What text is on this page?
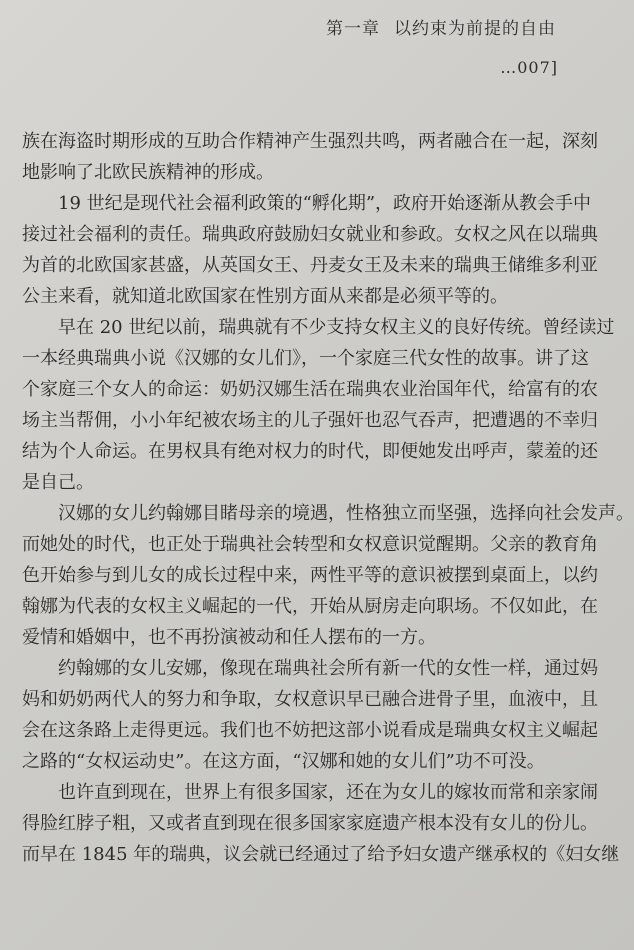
第一章 以约束为前提的自由
…007]
族在海盗时期形成的互助合作精神产生强烈共鸣，两者融合在一起，深刻
地影响了北欧民族精神的形成。
19 世纪是现代社会福利政策的“孵化期”，政府开始逐渐从教会手中
接过社会福利的责任。瑞典政府鼓励妇女就业和参政。女权之风在以瑞典
为首的北欧国家甚盛，从英国女王、丹麦女王及未来的瑞典王储维多利亚
公主来看，就知道北欧国家在性别方面从来都是必须平等的。
早在 20 世纪以前，瑞典就有不少支持女权主义的良好传统。曾经读过
一本经典瑞典小说《汉娜的女儿们》，一个家庭三代女性的故事。讲了这
个家庭三个女人的命运：奶奶汉娜生活在瑞典农业治国年代，给富有的农
场主当帮佣，小小年纪被农场主的儿子强奸也忍气吞声，把遭遇的不幸归
结为个人命运。在男权具有绝对权力的时代，即便她发出呼声，蒙羞的还
是自己。
汉娜的女儿约翰娜目睹母亲的境遇，性格独立而坚强，选择向社会发声。
而她处的时代，也正处于瑞典社会转型和女权意识觉醒期。父亲的教育角
色开始参与到儿女的成长过程中来，两性平等的意识被摆到桌面上，以约
翰娜为代表的女权主义崛起的一代，开始从厨房走向职场。不仅如此，在
爱情和婚姻中，也不再扮演被动和任人摆布的一方。
约翰娜的女儿安娜，像现在瑞典社会所有新一代的女性一样，通过妈
妈和奶奶两代人的努力和争取，女权意识早已融合进骨子里，血液中，且
会在这条路上走得更远。我们也不妨把这部小说看成是瑞典女权主义崛起
之路的“女权运动史”。在这方面，“汉娜和她的女儿们”功不可没。
也许直到现在，世界上有很多国家，还在为女儿的嫁妆而常和亲家闹
得脸红脖子粗，又或者直到现在很多国家家庭遗产根本没有女儿的份儿。
而早在 1845 年的瑞典，议会就已经通过了给予妇女遗产继承权的《妇女继
